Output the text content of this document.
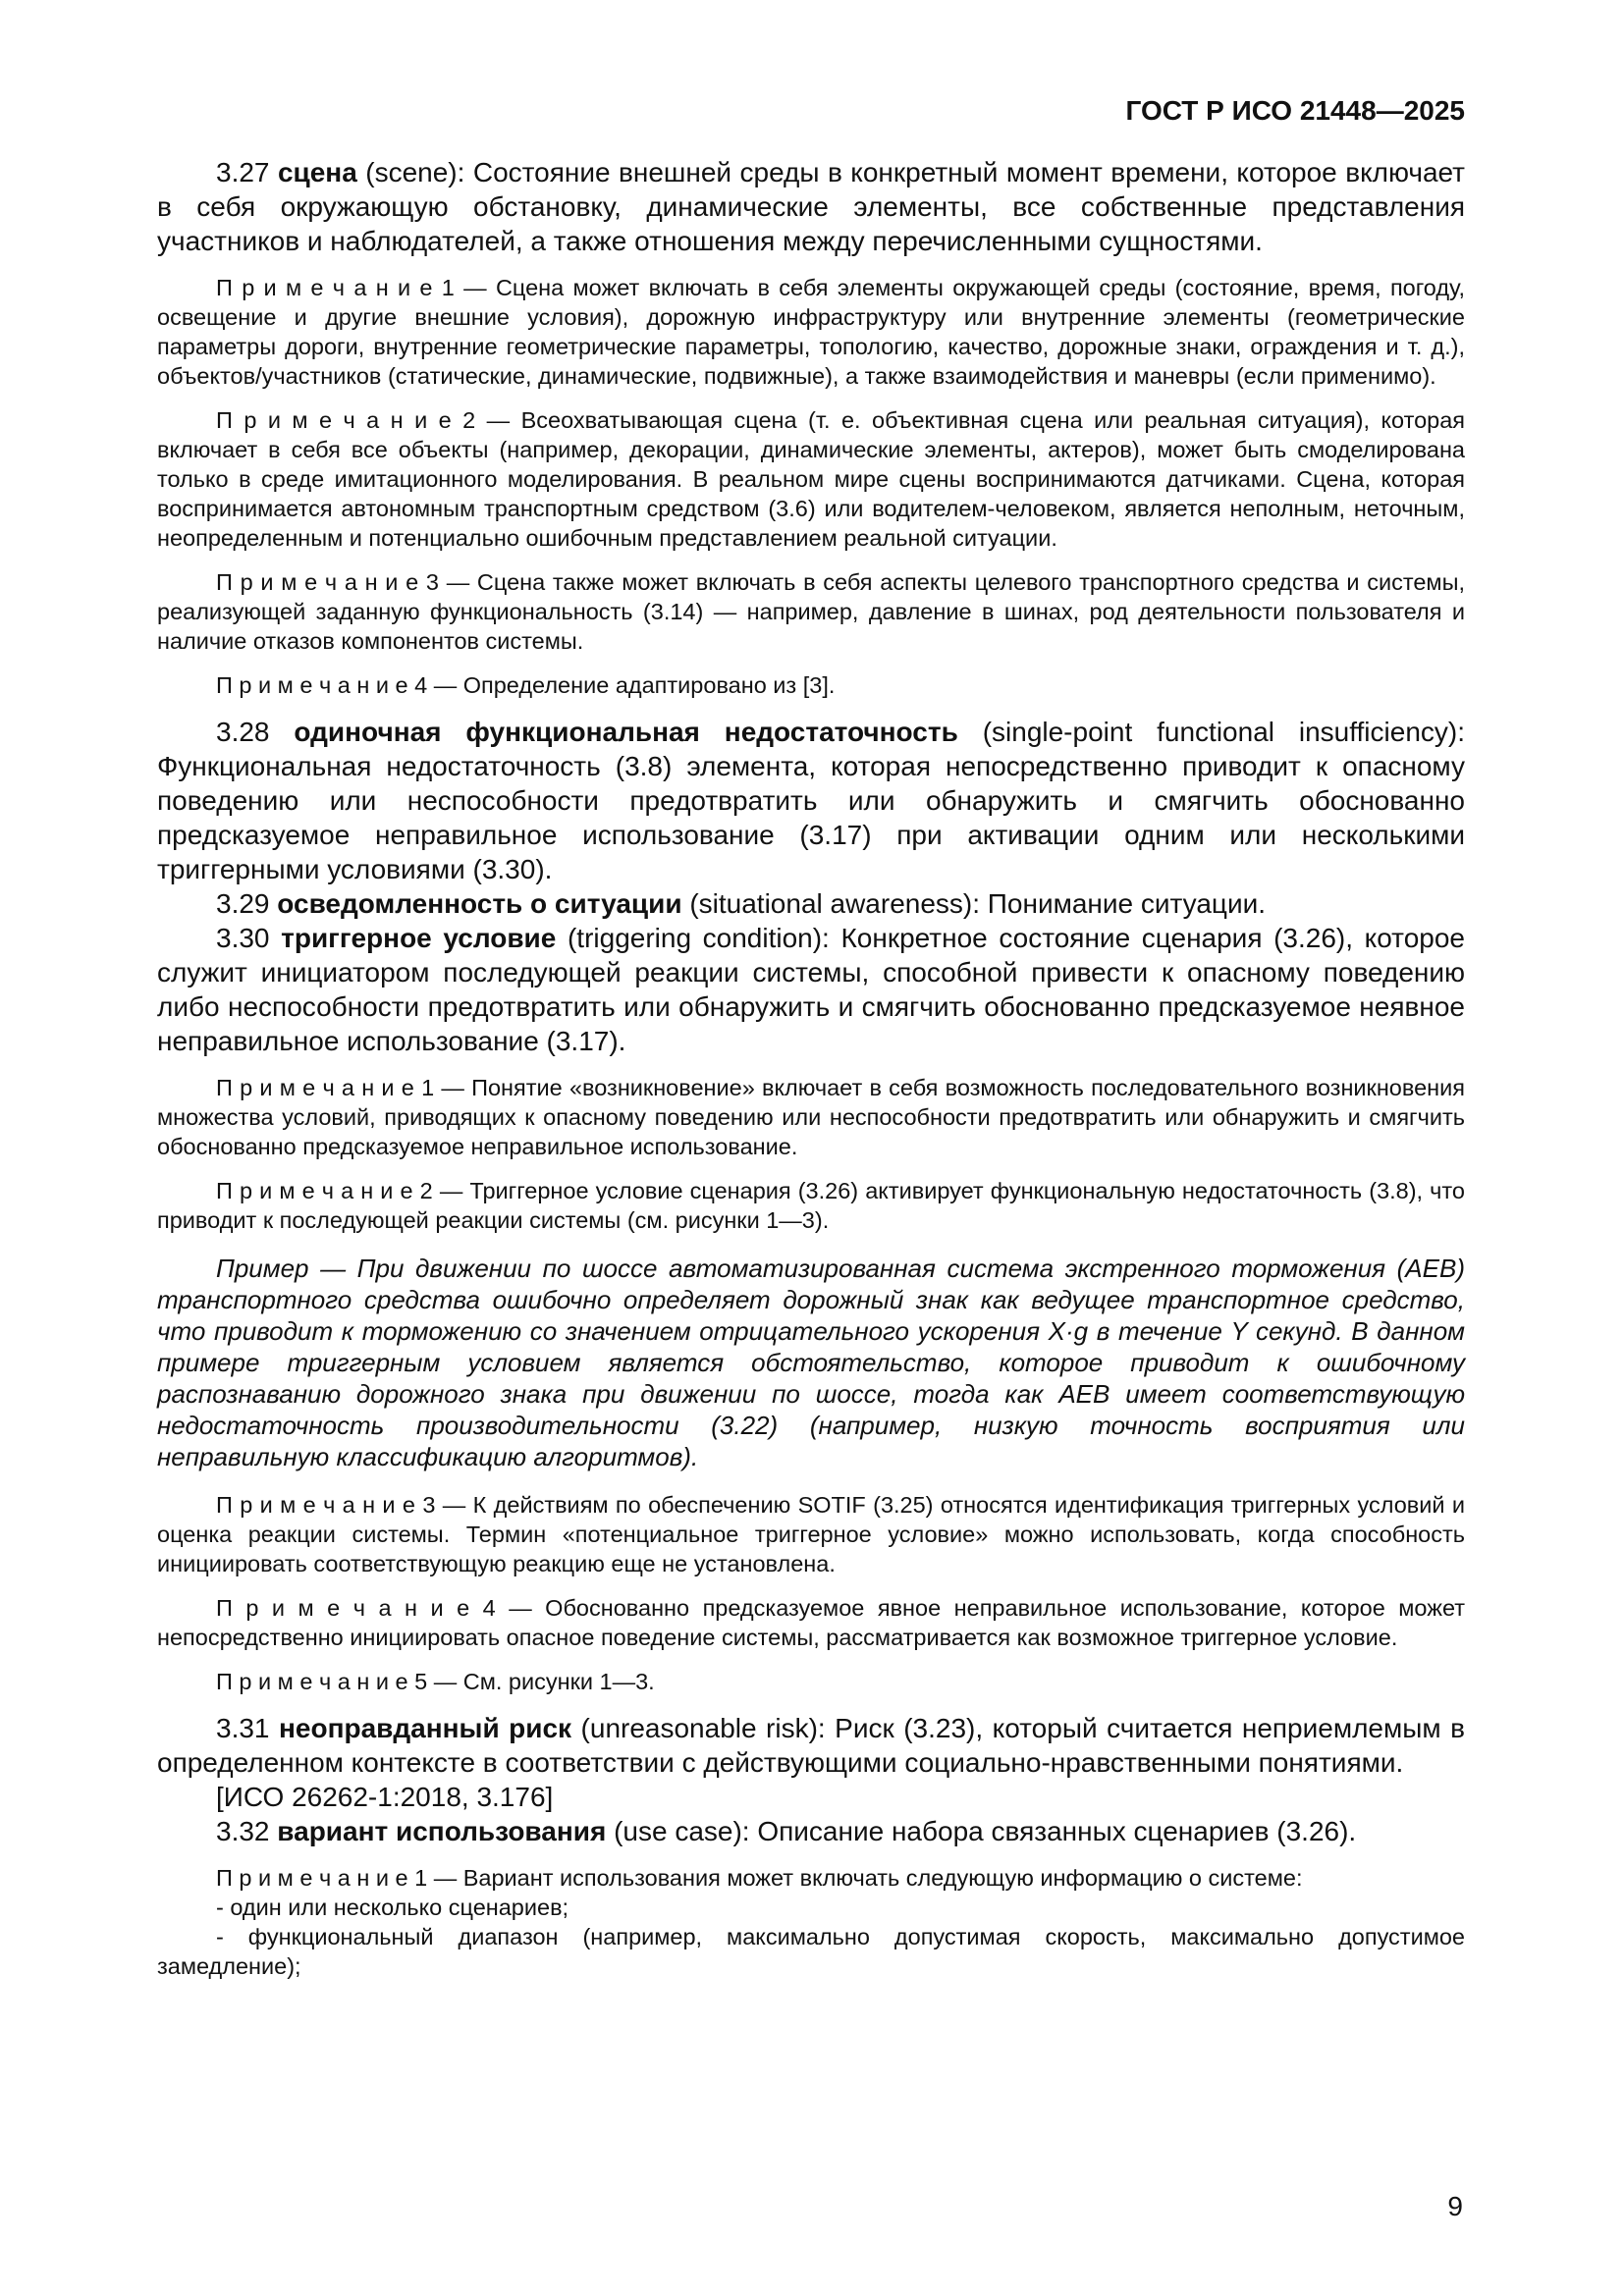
ГОСТ Р ИСО 21448—2025

3.27 сцена (scene): Состояние внешней среды в конкретный момент времени, которое включает в себя окружающую обстановку, динамические элементы, все собственные представления участников и наблюдателей, а также отношения между перечисленными сущностями.

П р и м е ч а н и е 1 — Сцена может включать в себя элементы окружающей среды (состояние, время, погоду, освещение и другие внешние условия), дорожную инфраструктуру или внутренние элементы (геометрические параметры дороги, внутренние геометрические параметры, топологию, качество, дорожные знаки, ограждения и т. д.), объектов/участников (статические, динамические, подвижные), а также взаимодействия и маневры (если применимо).

П р и м е ч а н и е 2 — Всеохватывающая сцена (т. е. объективная сцена или реальная ситуация), которая включает в себя все объекты (например, декорации, динамические элементы, актеров), может быть смоделирована только в среде имитационного моделирования. В реальном мире сцены воспринимаются датчиками. Сцена, которая воспринимается автономным транспортным средством (3.6) или водителем-человеком, является неполным, неточным, неопределенным и потенциально ошибочным представлением реальной ситуации.

П р и м е ч а н и е 3 — Сцена также может включать в себя аспекты целевого транспортного средства и системы, реализующей заданную функциональность (3.14) — например, давление в шинах, род деятельности пользователя и наличие отказов компонентов системы.

П р и м е ч а н и е 4 — Определение адаптировано из [3].

3.28 одиночная функциональная недостаточность (single-point functional insufficiency): Функциональная недостаточность (3.8) элемента, которая непосредственно приводит к опасному поведению или неспособности предотвратить или обнаружить и смягчить обоснованно предсказуемое неправильное использование (3.17) при активации одним или несколькими триггерными условиями (3.30).

3.29 осведомленность о ситуации (situational awareness): Понимание ситуации.

3.30 триггерное условие (triggering condition): Конкретное состояние сценария (3.26), которое служит инициатором последующей реакции системы, способной привести к опасному поведению либо неспособности предотвратить или обнаружить и смягчить обоснованно предсказуемое неявное неправильное использование (3.17).

П р и м е ч а н и е 1 — Понятие «возникновение» включает в себя возможность последовательного возникновения множества условий, приводящих к опасному поведению или неспособности предотвратить или обнаружить и смягчить обоснованно предсказуемое неправильное использование.

П р и м е ч а н и е 2 — Триггерное условие сценария (3.26) активирует функциональную недостаточность (3.8), что приводит к последующей реакции системы (см. рисунки 1—3).

Пример — При движении по шоссе автоматизированная система экстренного торможения (AEB) транспортного средства ошибочно определяет дорожный знак как ведущее транспортное средство, что приводит к торможению со значением отрицательного ускорения X·g в течение Y секунд. В данном примере триггерным условием является обстоятельство, которое приводит к ошибочному распознаванию дорожного знака при движении по шоссе, тогда как AEB имеет соответствующую недостаточность производительности (3.22) (например, низкую точность восприятия или неправильную классификацию алгоритмов).

П р и м е ч а н и е 3 — К действиям по обеспечению SOTIF (3.25) относятся идентификация триггерных условий и оценка реакции системы. Термин «потенциальное триггерное условие» можно использовать, когда способность инициировать соответствующую реакцию еще не установлена.

П р и м е ч а н и е 4 — Обоснованно предсказуемое явное неправильное использование, которое может непосредственно инициировать опасное поведение системы, рассматривается как возможное триггерное условие.

П р и м е ч а н и е 5 — См. рисунки 1—3.

3.31 неоправданный риск (unreasonable risk): Риск (3.23), который считается неприемлемым в определенном контексте в соответствии с действующими социально-нравственными понятиями.

[ИСО 26262-1:2018, 3.176]

3.32 вариант использования (use case): Описание набора связанных сценариев (3.26).

П р и м е ч а н и е 1 — Вариант использования может включать следующую информацию о системе:

- один или несколько сценариев;

- функциональный диапазон (например, максимально допустимая скорость, максимально допустимое замедление);

9
